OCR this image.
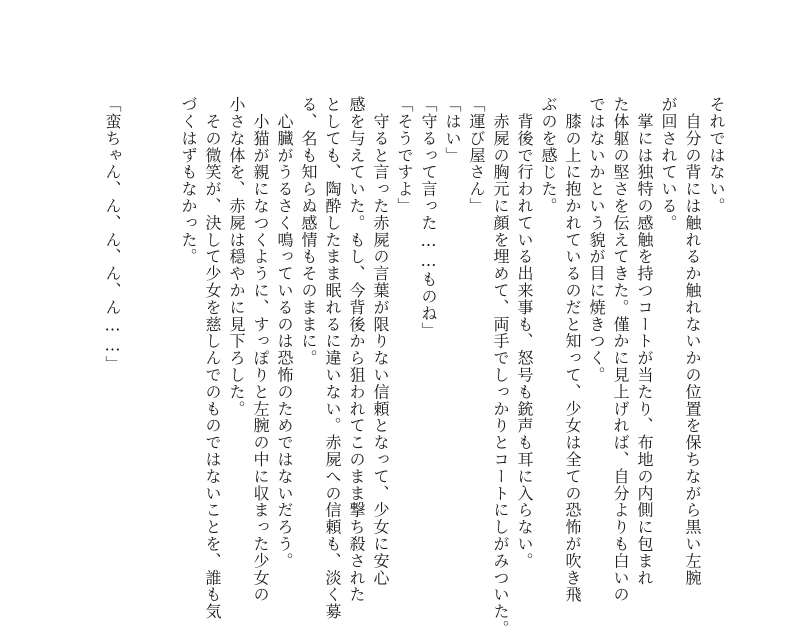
それではない。

　自分の背には触れるか触れないかの位置を保ちながら黒い左腕

が回されている。

　掌には独特の感触を持つコートが当たり、布地の内側に包まれ

た体躯の堅さを伝えてきた。僅かに見上げれば、自分よりも白いの

ではないかという貌が目に焼きつく。

　膝の上に抱かれているのだと知って、少女は全ての恐怖が吹き飛

ぶのを感じた。

　背後で行われている出来事も、怒号も銃声も耳に入らない。

　赤屍の胸元に顔を埋めて、両手でしっかりとコートにしがみついた。

「運び屋さん」

「はい」

「守るって言った……ものね」

「そうですよ」

　守ると言った赤屍の言葉が限りない信頼となって、少女に安心

感を与えていた。もし、今背後から狙われてこのまま撃ち殺された

としても、陶酔したまま眠れるに違いない。赤屍への信頼も、淡く募

る、名も知らぬ感情もそのままに。

　心臓がうるさく鳴っているのは恐怖のためではないだろう。

　小猫が親になつくように、すっぽりと左腕の中に収まった少女の

小さな体を、赤屍は穏やかに見下ろした。

　その微笑が、決して少女を慈しんでのものではないことを、誰も気

づくはずもなかった。

「蛮ちゃん、ん、ん、ん、ん……」
